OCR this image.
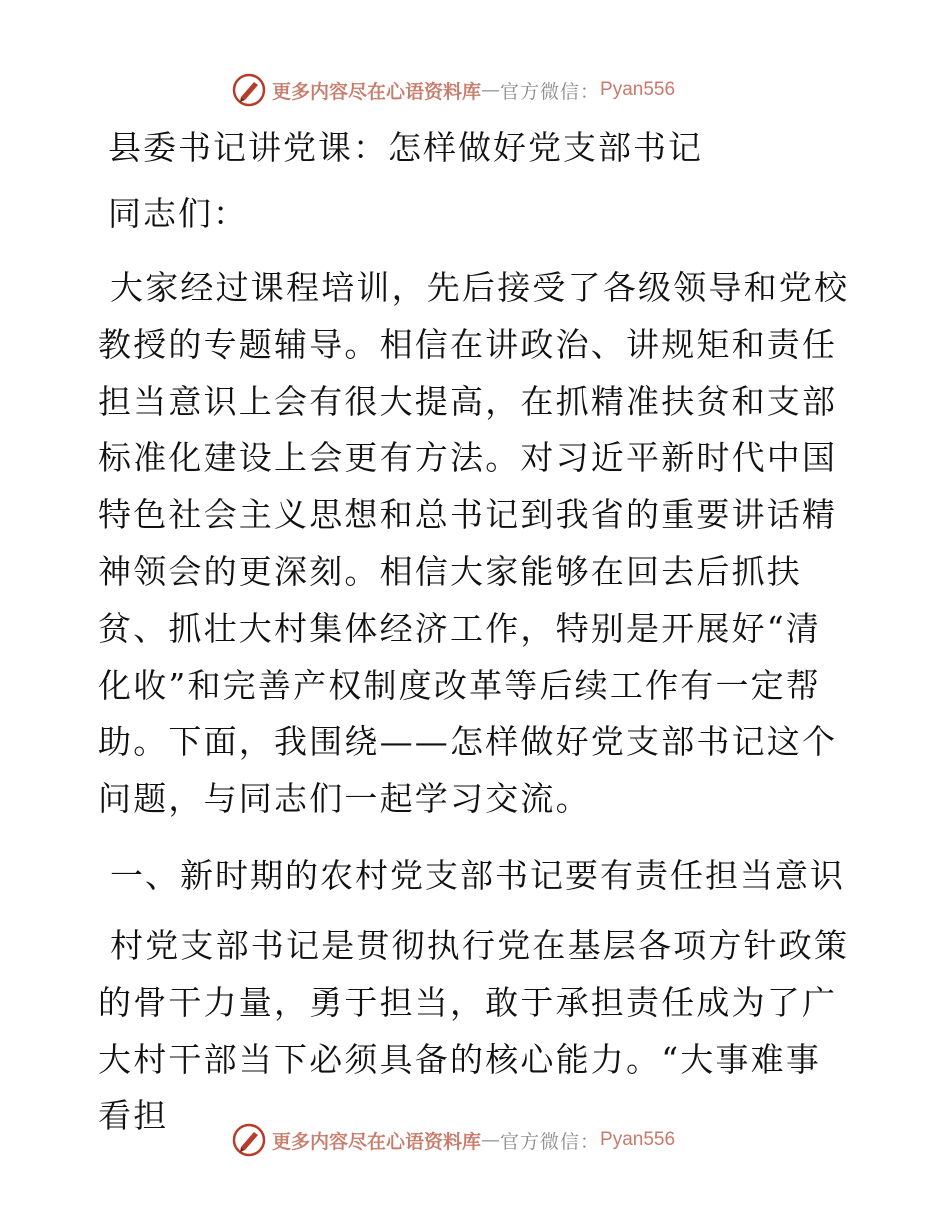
更多内容尽在心语资料库 — 官方微信： Pyan556
县委书记讲党课：怎样做好党支部书记
同志们：

大家经过课程培训，先后接受了各级领导和党校教授的专题辅导。相信在讲政治、讲规矩和责任担当意识上会有很大提高，在抓精准扶贫和支部标准化建设上会更有方法。对习近平新时代中国特色社会主义思想和总书记到我省的重要讲话精神领会的更深刻。相信大家能够在回去后抓扶贫、抓壮大村集体经济工作，特别是开展好“清化收”和完善产权制度改革等后续工作有一定帮助。下面，我围绕——怎样做好党支部书记这个问题，与同志们一起学习交流。

一、新时期的农村党支部书记要有责任担当意识

村党支部书记是贯彻执行党在基层各项方针政策的骨干力量，勇于担当，敢于承担责任成为了广大村干部当下必须具备的核心能力。“大事难事看担

更多内容尽在心语资料库 — 官方微信： Pyan556
